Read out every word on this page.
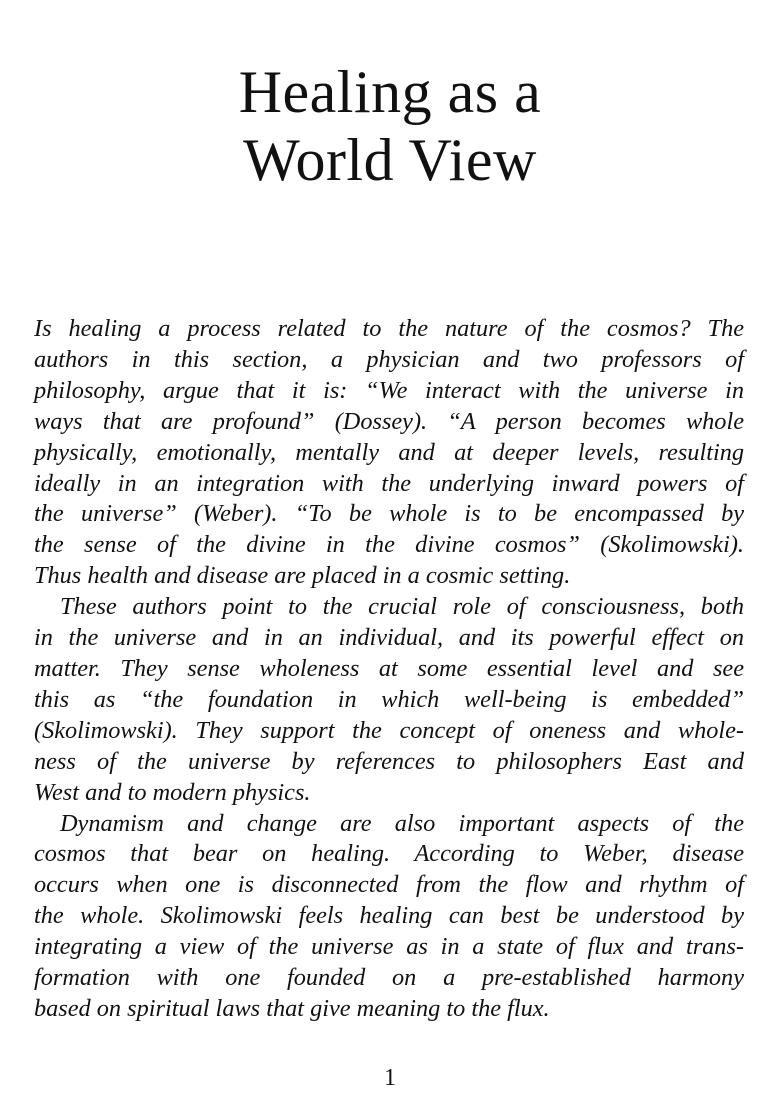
Healing as a
World View

Is healing a process related to the nature of the cosmos? The
authors in this section, a physician and two professors of
philosophy, argue that it is: “We interact with the universe in
ways that are profound” (Dossey). “A person becomes whole
physically, emotionally, mentally and at deeper levels, resulting
ideally in an integration with the underlying inward powers of
the universe” (Weber). “To be whole is to be encompassed by
the sense of the divine in the divine cosmos” (Skolimowski).
Thus health and disease are placed in a cosmic setting.

These authors point to the crucial role of consciousness, both
in the universe and in an individual, and its powerful effect on
matter. They sense wholeness at some essential level and see
this as “the foundation in which well-being is embedded”
(Skolimowski). They support the concept of oneness and whole-
ness of the universe by references to philosophers East and
West and to modern physics.

Dynamism and change are also important aspects of the
cosmos that bear on healing. According to Weber, disease
occurs when one is disconnected from the flow and rhythm of
the whole. Skolimowski feels healing can best be understood by
integrating a view of the universe as in a state of flux and trans-
formation with one founded on a pre-established harmony
based on spiritual laws that give meaning to the flux.

1
